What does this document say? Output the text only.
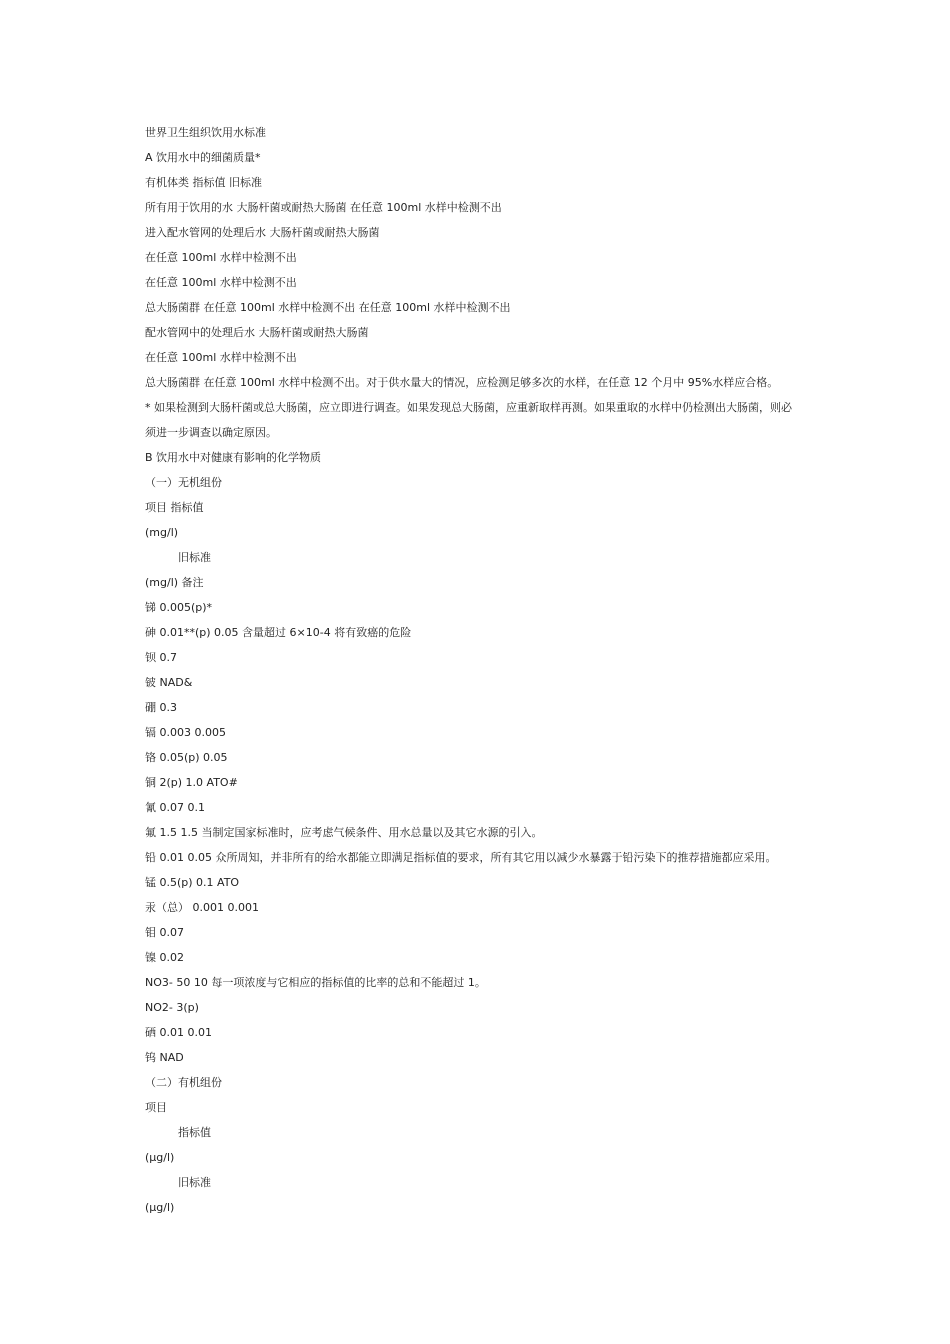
世界卫生组织饮用水标准
A 饮用水中的细菌质量*
有机体类 指标值 旧标准
所有用于饮用的水 大肠杆菌或耐热大肠菌 在任意 100ml 水样中检测不出
进入配水管网的处理后水 大肠杆菌或耐热大肠菌
在任意 100ml 水样中检测不出
在任意 100ml 水样中检测不出
总大肠菌群 在任意 100ml 水样中检测不出 在任意 100ml 水样中检测不出
配水管网中的处理后水 大肠杆菌或耐热大肠菌
在任意 100ml 水样中检测不出
总大肠菌群 在任意 100ml 水样中检测不出。对于供水量大的情况，应检测足够多次的水样，在任意 12 个月中 95%水样应合格。
* 如果检测到大肠杆菌或总大肠菌，应立即进行调查。如果发现总大肠菌，应重新取样再测。如果重取的水样中仍检测出大肠菌，则必
须进一步调查以确定原因。
B 饮用水中对健康有影响的化学物质
（一）无机组份
项目 指标值
(mg/l)
旧标准
(mg/l) 备注
锑 0.005(p)*
砷 0.01**(p) 0.05 含量超过 6×10-4 将有致癌的危险
钡 0.7
铍 NAD&
硼 0.3
镉 0.003 0.005
铬 0.05(p) 0.05
铜 2(p) 1.0 ATO#
氰 0.07 0.1
氟 1.5 1.5 当制定国家标准时，应考虑气候条件、用水总量以及其它水源的引入。
铅 0.01 0.05 众所周知，并非所有的给水都能立即满足指标值的要求，所有其它用以减少水暴露于铅污染下的推荐措施都应采用。
锰 0.5(p) 0.1 ATO
汞（总） 0.001 0.001
钼 0.07
镍 0.02
NO3- 50 10 每一项浓度与它相应的指标值的比率的总和不能超过 1。
NO2- 3(p)
硒 0.01 0.01
钨 NAD
（二）有机组份
项目
指标值
(μg/l)
旧标准
(μg/l)
